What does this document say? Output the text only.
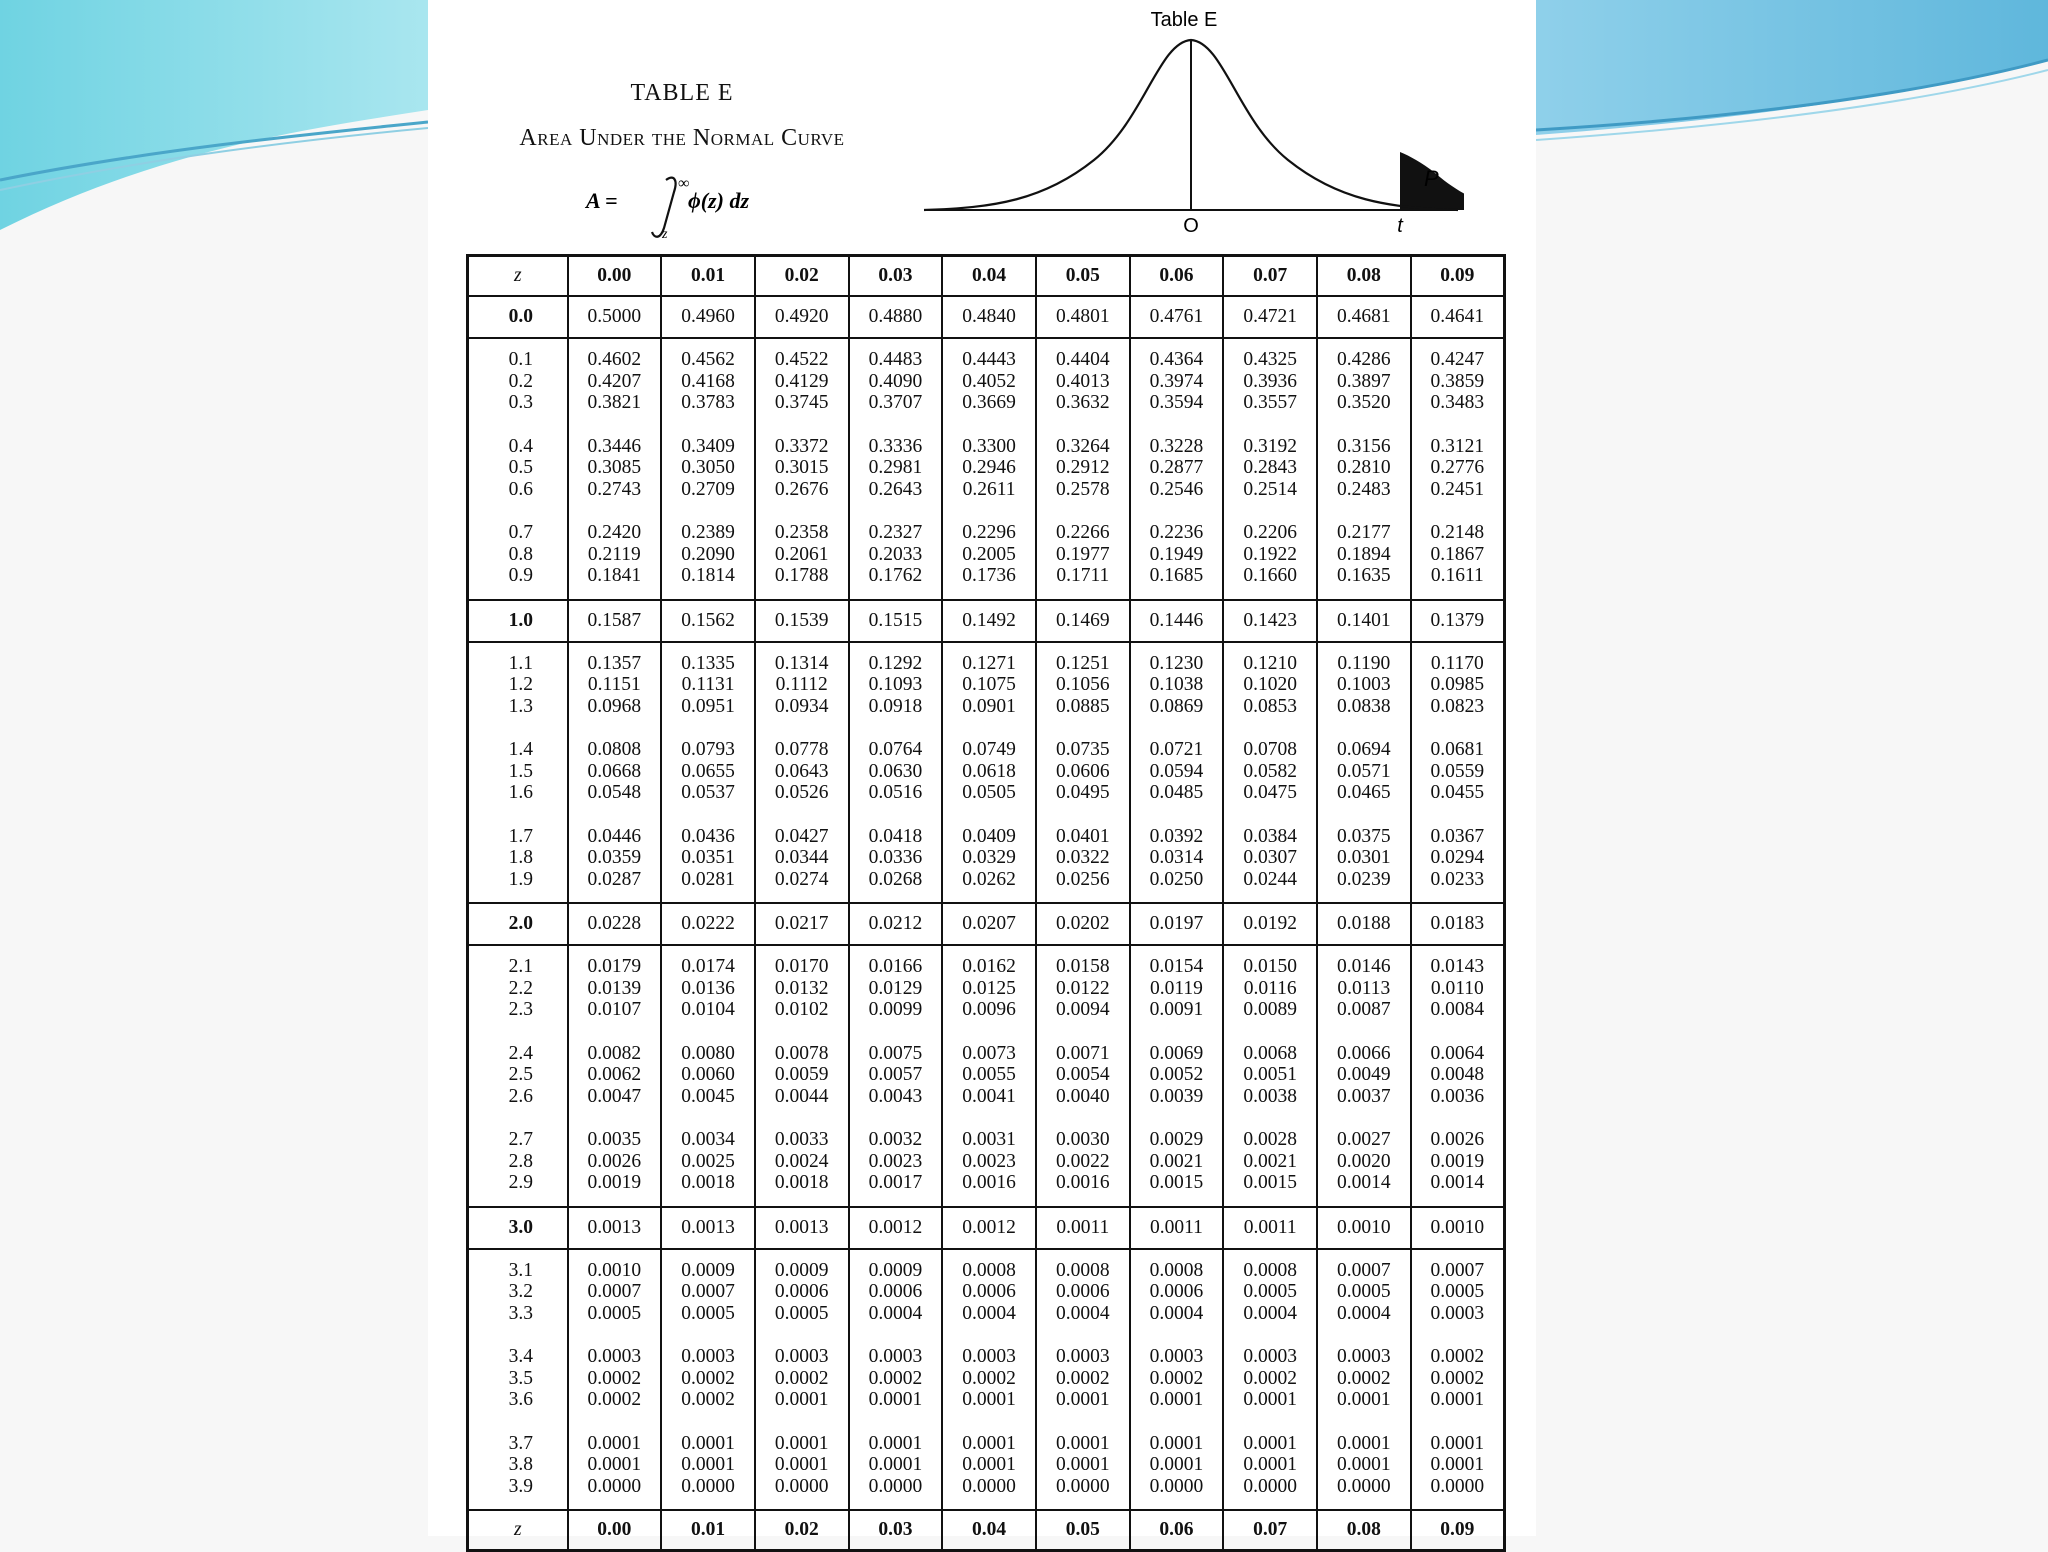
TABLE E
Area Under the Normal Curve
A =
∞
z
ϕ(z) dz
Table E
O	t
P
z	0.00	0.01	0.02	0.03	0.04	0.05	0.06	0.07	0.08	0.09
0.0	0.5000	0.4960	0.4920	0.4880	0.4840	0.4801	0.4761	0.4721	0.4681	0.4641
0.1	0.4602	0.4562	0.4522	0.4483	0.4443	0.4404	0.4364	0.4325	0.4286	0.4247
0.2	0.4207	0.4168	0.4129	0.4090	0.4052	0.4013	0.3974	0.3936	0.3897	0.3859
0.3	0.3821	0.3783	0.3745	0.3707	0.3669	0.3632	0.3594	0.3557	0.3520	0.3483
0.4	0.3446	0.3409	0.3372	0.3336	0.3300	0.3264	0.3228	0.3192	0.3156	0.3121
0.5	0.3085	0.3050	0.3015	0.2981	0.2946	0.2912	0.2877	0.2843	0.2810	0.2776
0.6	0.2743	0.2709	0.2676	0.2643	0.2611	0.2578	0.2546	0.2514	0.2483	0.2451
0.7	0.2420	0.2389	0.2358	0.2327	0.2296	0.2266	0.2236	0.2206	0.2177	0.2148
0.8	0.2119	0.2090	0.2061	0.2033	0.2005	0.1977	0.1949	0.1922	0.1894	0.1867
0.9	0.1841	0.1814	0.1788	0.1762	0.1736	0.1711	0.1685	0.1660	0.1635	0.1611
1.0	0.1587	0.1562	0.1539	0.1515	0.1492	0.1469	0.1446	0.1423	0.1401	0.1379
1.1	0.1357	0.1335	0.1314	0.1292	0.1271	0.1251	0.1230	0.1210	0.1190	0.1170
1.2	0.1151	0.1131	0.1112	0.1093	0.1075	0.1056	0.1038	0.1020	0.1003	0.0985
1.3	0.0968	0.0951	0.0934	0.0918	0.0901	0.0885	0.0869	0.0853	0.0838	0.0823
1.4	0.0808	0.0793	0.0778	0.0764	0.0749	0.0735	0.0721	0.0708	0.0694	0.0681
1.5	0.0668	0.0655	0.0643	0.0630	0.0618	0.0606	0.0594	0.0582	0.0571	0.0559
1.6	0.0548	0.0537	0.0526	0.0516	0.0505	0.0495	0.0485	0.0475	0.0465	0.0455
1.7	0.0446	0.0436	0.0427	0.0418	0.0409	0.0401	0.0392	0.0384	0.0375	0.0367
1.8	0.0359	0.0351	0.0344	0.0336	0.0329	0.0322	0.0314	0.0307	0.0301	0.0294
1.9	0.0287	0.0281	0.0274	0.0268	0.0262	0.0256	0.0250	0.0244	0.0239	0.0233
2.0	0.0228	0.0222	0.0217	0.0212	0.0207	0.0202	0.0197	0.0192	0.0188	0.0183
2.1	0.0179	0.0174	0.0170	0.0166	0.0162	0.0158	0.0154	0.0150	0.0146	0.0143
2.2	0.0139	0.0136	0.0132	0.0129	0.0125	0.0122	0.0119	0.0116	0.0113	0.0110
2.3	0.0107	0.0104	0.0102	0.0099	0.0096	0.0094	0.0091	0.0089	0.0087	0.0084
2.4	0.0082	0.0080	0.0078	0.0075	0.0073	0.0071	0.0069	0.0068	0.0066	0.0064
2.5	0.0062	0.0060	0.0059	0.0057	0.0055	0.0054	0.0052	0.0051	0.0049	0.0048
2.6	0.0047	0.0045	0.0044	0.0043	0.0041	0.0040	0.0039	0.0038	0.0037	0.0036
2.7	0.0035	0.0034	0.0033	0.0032	0.0031	0.0030	0.0029	0.0028	0.0027	0.0026
2.8	0.0026	0.0025	0.0024	0.0023	0.0023	0.0022	0.0021	0.0021	0.0020	0.0019
2.9	0.0019	0.0018	0.0018	0.0017	0.0016	0.0016	0.0015	0.0015	0.0014	0.0014
3.0	0.0013	0.0013	0.0013	0.0012	0.0012	0.0011	0.0011	0.0011	0.0010	0.0010
3.1	0.0010	0.0009	0.0009	0.0009	0.0008	0.0008	0.0008	0.0008	0.0007	0.0007
3.2	0.0007	0.0007	0.0006	0.0006	0.0006	0.0006	0.0006	0.0005	0.0005	0.0005
3.3	0.0005	0.0005	0.0005	0.0004	0.0004	0.0004	0.0004	0.0004	0.0004	0.0003
3.4	0.0003	0.0003	0.0003	0.0003	0.0003	0.0003	0.0003	0.0003	0.0003	0.0002
3.5	0.0002	0.0002	0.0002	0.0002	0.0002	0.0002	0.0002	0.0002	0.0002	0.0002
3.6	0.0002	0.0002	0.0001	0.0001	0.0001	0.0001	0.0001	0.0001	0.0001	0.0001
3.7	0.0001	0.0001	0.0001	0.0001	0.0001	0.0001	0.0001	0.0001	0.0001	0.0001
3.8	0.0001	0.0001	0.0001	0.0001	0.0001	0.0001	0.0001	0.0001	0.0001	0.0001
3.9	0.0000	0.0000	0.0000	0.0000	0.0000	0.0000	0.0000	0.0000	0.0000	0.0000
z	0.00	0.01	0.02	0.03	0.04	0.05	0.06	0.07	0.08	0.09
